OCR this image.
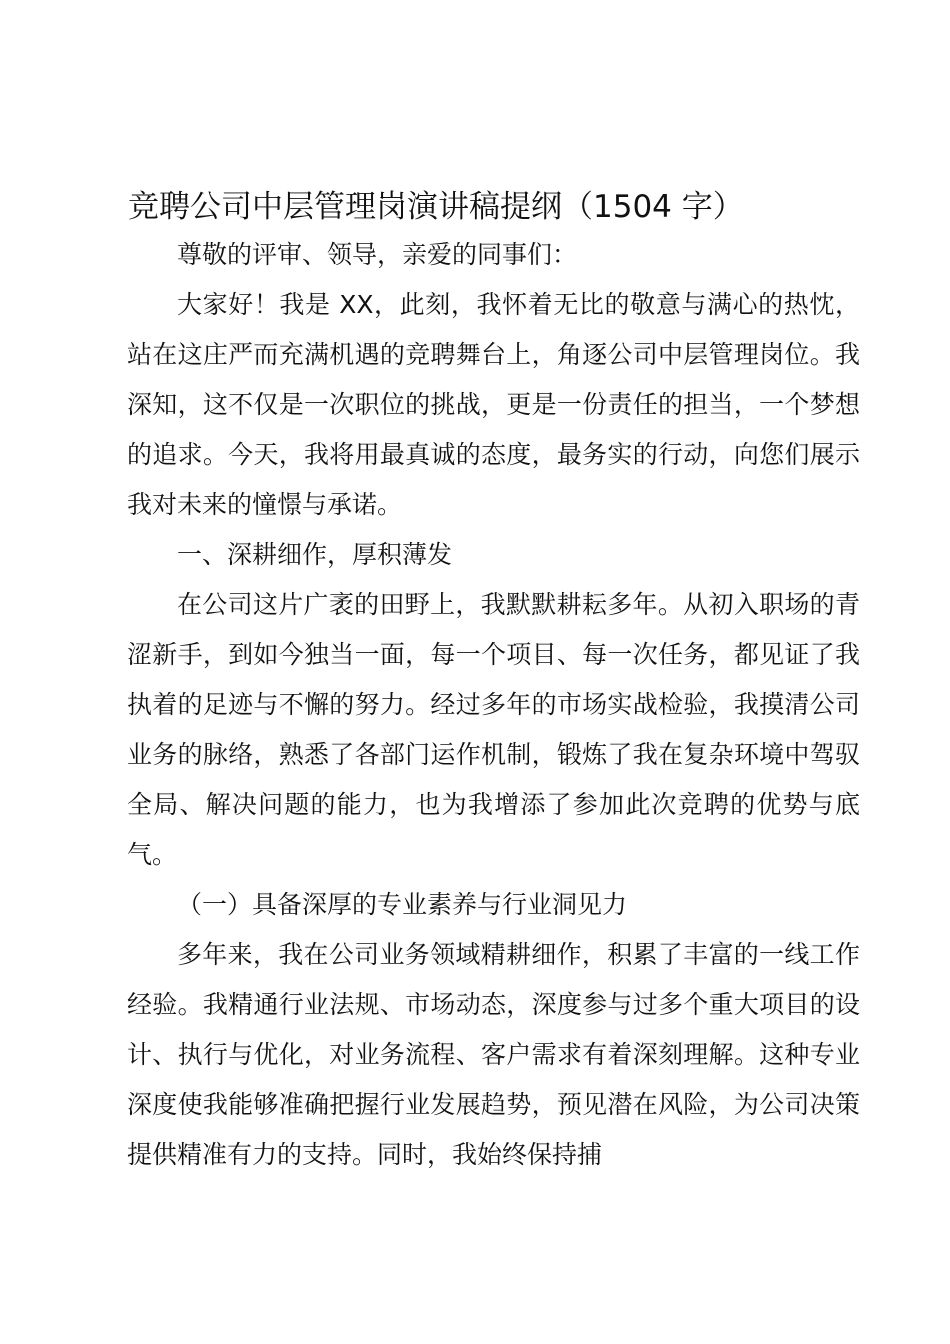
竞聘公司中层管理岗演讲稿提纲（1504 字）

尊敬的评审、领导，亲爱的同事们：

大家好！我是 XX，此刻，我怀着无比的敬意与满心的热忱，站在这庄严而充满机遇的竞聘舞台上，角逐公司中层管理岗位。我深知，这不仅是一次职位的挑战，更是一份责任的担当，一个梦想的追求。今天，我将用最真诚的态度，最务实的行动，向您们展示我对未来的憧憬与承诺。

一、深耕细作，厚积薄发

在公司这片广袤的田野上，我默默耕耘多年。从初入职场的青涩新手，到如今独当一面，每一个项目、每一次任务，都见证了我执着的足迹与不懈的努力。经过多年的市场实战检验，我摸清公司业务的脉络，熟悉了各部门运作机制，锻炼了我在复杂环境中驾驭全局、解决问题的能力，也为我增添了参加此次竞聘的优势与底气。

（一）具备深厚的专业素养与行业洞见力

多年来，我在公司业务领域精耕细作，积累了丰富的一线工作经验。我精通行业法规、市场动态，深度参与过多个重大项目的设计、执行与优化，对业务流程、客户需求有着深刻理解。这种专业深度使我能够准确把握行业发展趋势，预见潜在风险，为公司决策提供精准有力的支持。同时，我始终保持捕
